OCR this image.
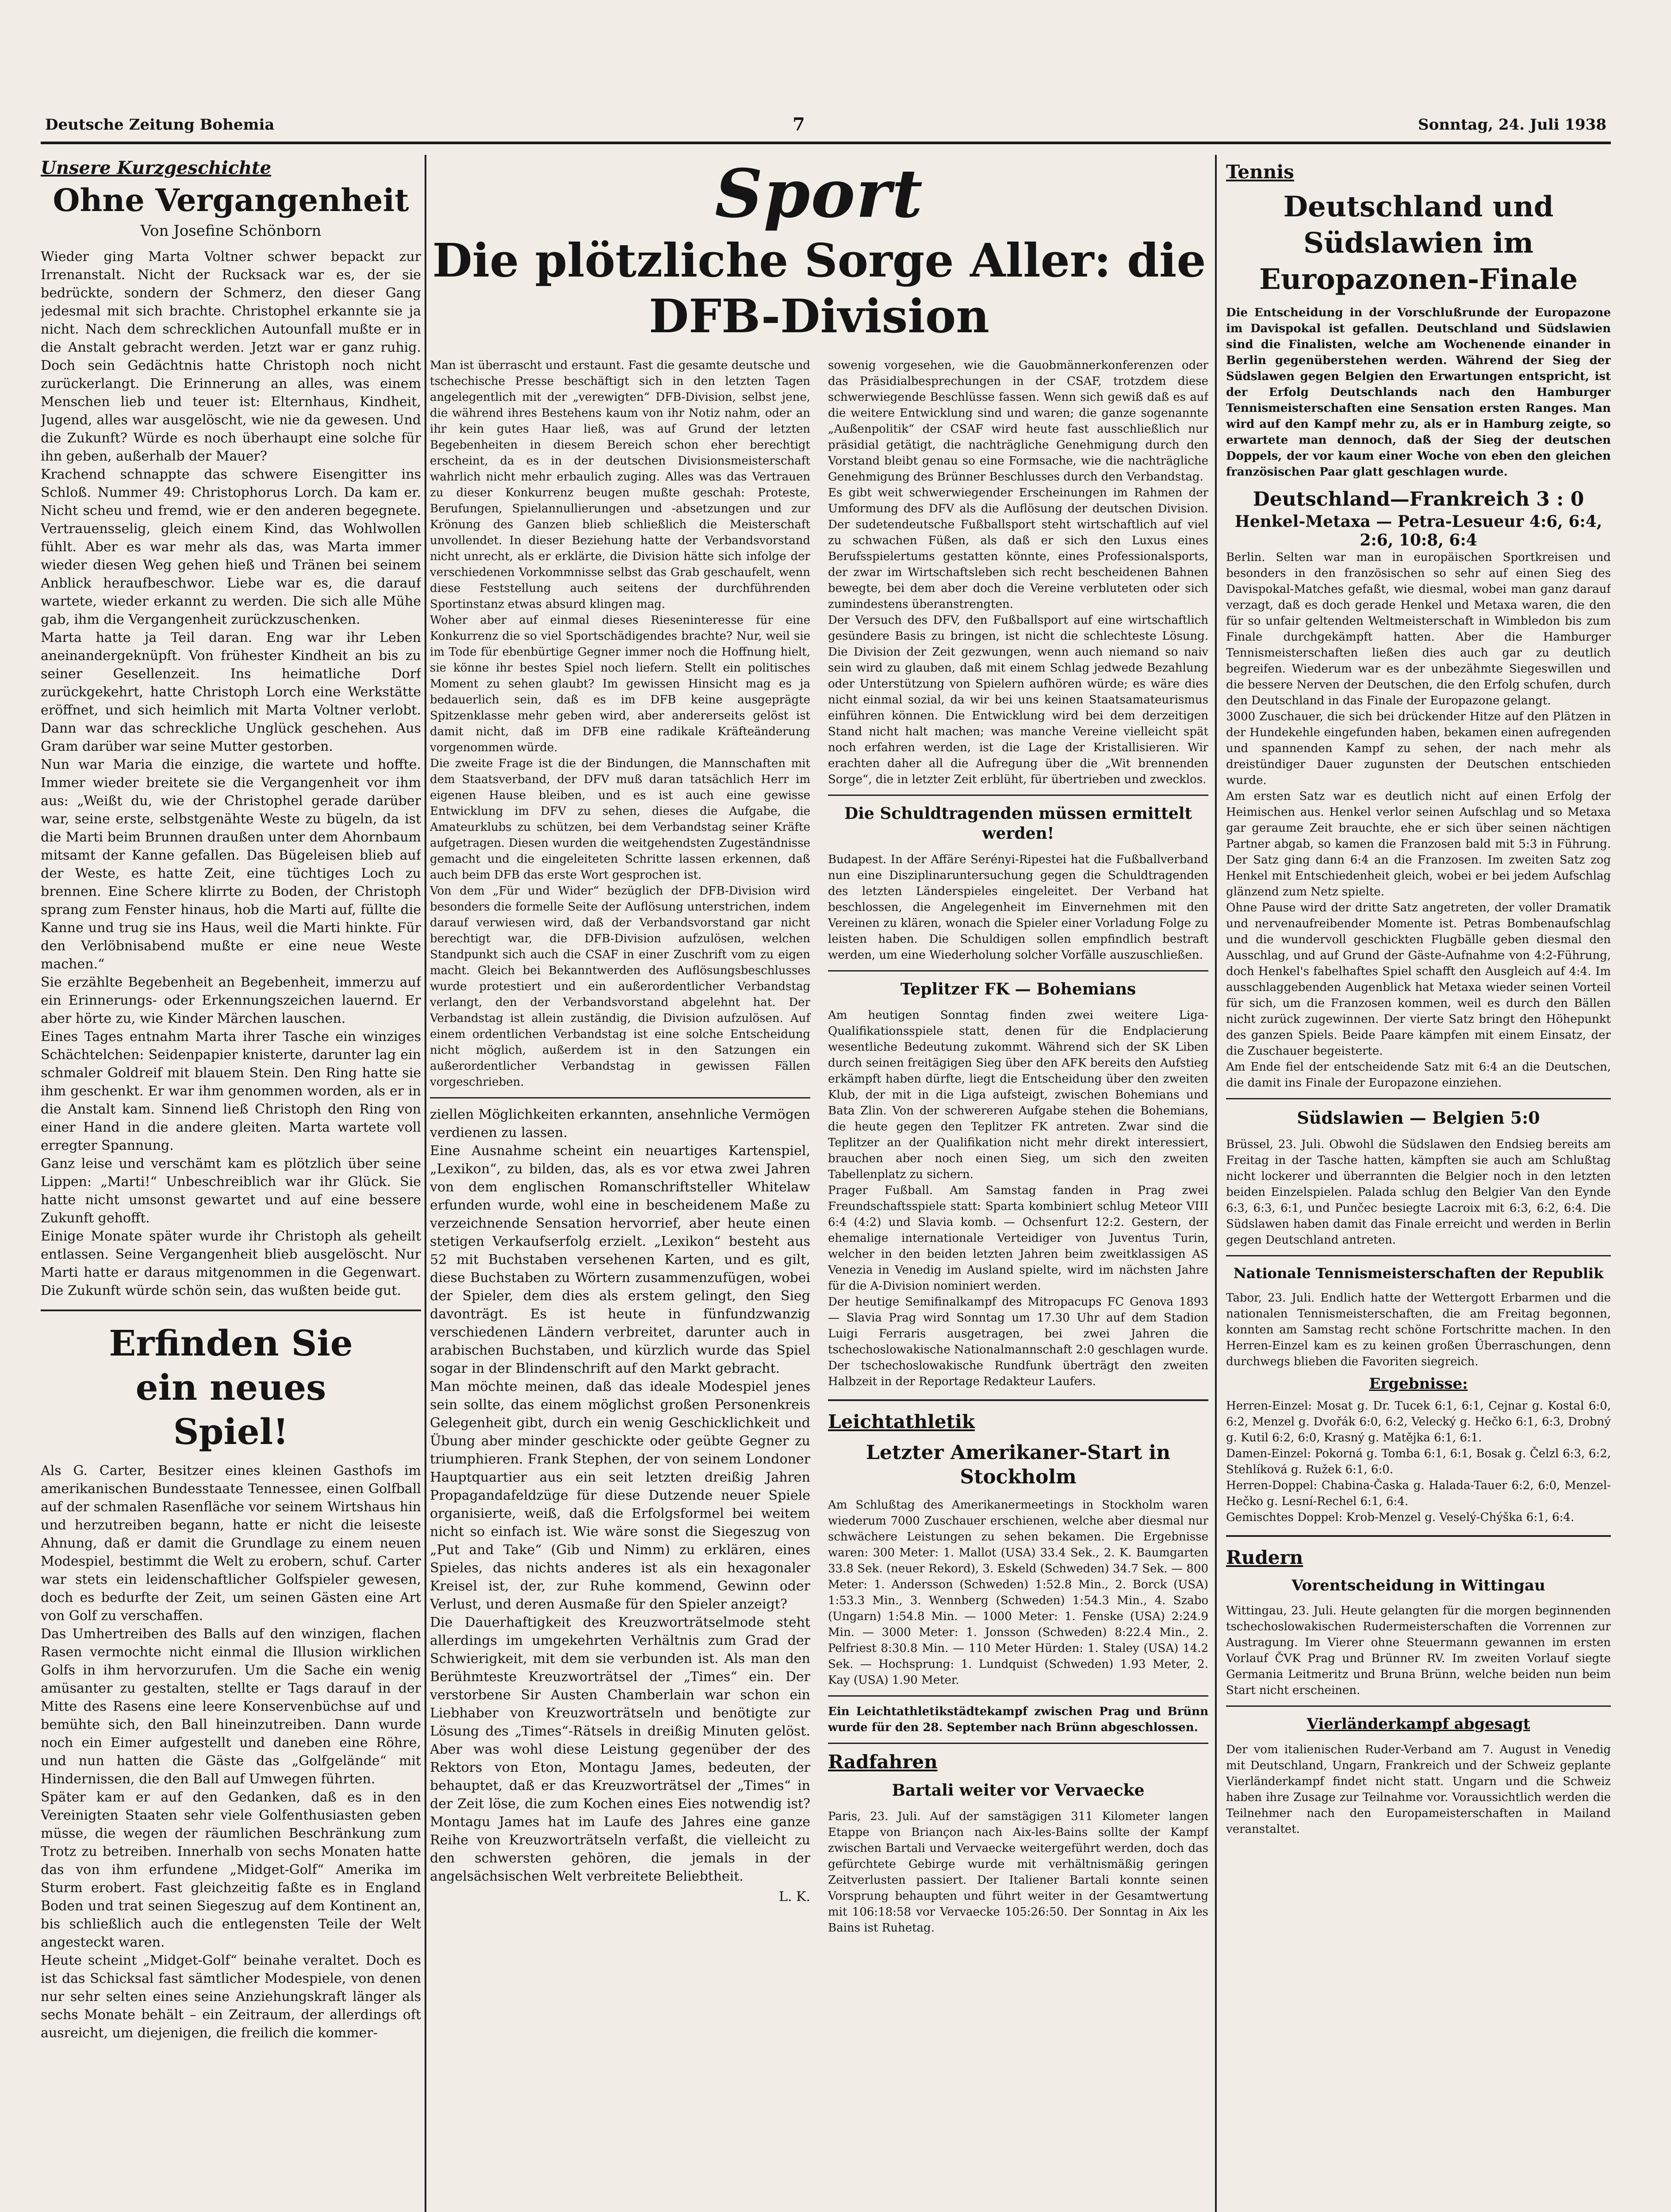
Deutsche Zeitung Bohemia	7	Sonntag, 24. Juli 1938
Unsere Kurzgeschichte
Ohne Vergangenheit
Von Josefine Schönborn

Wieder ging Marta Voltner schwer bepackt zur Irrenanstalt. Nicht der Rucksack war es, der sie bedrückte, sondern der Schmerz, den dieser Gang jedesmal mit sich brachte. Christophel erkannte sie ja nicht. Nach dem schrecklichen Autounfall mußte er in die Anstalt gebracht werden. Jetzt war er ganz ruhig. Doch sein Gedächtnis hatte Christoph noch nicht zurückerlangt. Die Erinnerung an alles, was einem Menschen lieb und teuer ist: Elternhaus, Kindheit, Jugend, alles war ausgelöscht, wie nie da gewesen. Und die Zukunft? Würde es noch überhaupt eine solche für ihn geben, außerhalb der Mauer?

Krachend schnappte das schwere Eisengitter ins Schloß. Nummer 49: Christophorus Lorch. Da kam er. Nicht scheu und fremd, wie er den anderen begegnete. Vertrauensselig, gleich einem Kind, das Wohlwollen fühlt. Aber es war mehr als das, was Marta immer wieder diesen Weg gehen hieß und Tränen bei seinem Anblick heraufbeschwor. Liebe war es, die darauf wartete, wieder erkannt zu werden. Die sich alle Mühe gab, ihm die Vergangenheit zurückzuschenken.

Marta hatte ja Teil daran. Eng war ihr Leben aneinandergeknüpft. Von frühester Kindheit an bis zu seiner Gesellenzeit. Ins heimatliche Dorf zurückgekehrt, hatte Christoph Lorch eine Werkstätte eröffnet, und sich heimlich mit Marta Voltner verlobt. Dann war das schreckliche Unglück geschehen. Aus Gram darüber war seine Mutter gestorben.

Nun war Maria die einzige, die wartete und hoffte. Immer wieder breitete sie die Vergangenheit vor ihm aus: „Weißt du, wie der Christophel gerade darüber war, seine erste, selbstgenähte Weste zu bügeln, da ist die Marti beim Brunnen draußen unter dem Ahornbaum mitsamt der Kanne gefallen. Das Bügeleisen blieb auf der Weste, es hatte Zeit, eine tüchtiges Loch zu brennen. Eine Schere klirrte zu Boden, der Christoph sprang zum Fenster hinaus, hob die Marti auf, füllte die Kanne und trug sie ins Haus, weil die Marti hinkte. Für den Verlöbnisabend mußte er eine neue Weste machen.“

Sie erzählte Begebenheit an Begebenheit, immerzu auf ein Erinnerungs- oder Erkennungszeichen lauernd. Er aber hörte zu, wie Kinder Märchen lauschen.

Eines Tages entnahm Marta ihrer Tasche ein winziges Schächtelchen: Seidenpapier knisterte, darunter lag ein schmaler Goldreif mit blauem Stein. Den Ring hatte sie ihm geschenkt. Er war ihm genommen worden, als er in die Anstalt kam. Sinnend ließ Christoph den Ring von einer Hand in die andere gleiten. Marta wartete voll erregter Spannung.

Ganz leise und verschämt kam es plötzlich über seine Lippen: „Marti!“ Unbeschreiblich war ihr Glück. Sie hatte nicht umsonst gewartet und auf eine bessere Zukunft gehofft.

Einige Monate später wurde ihr Christoph als geheilt entlassen. Seine Vergangenheit blieb ausgelöscht. Nur Marti hatte er daraus mitgenommen in die Gegenwart. Die Zukunft würde schön sein, das wußten beide gut.

Erfinden Sie ein neues Spiel!

Als G. Carter, Besitzer eines kleinen Gasthofs im amerikanischen Bundesstaate Tennessee, einen Golfball auf der schmalen Rasenfläche vor seinem Wirtshaus hin und herzutreiben begann, hatte er nicht die leiseste Ahnung, daß er damit die Grundlage zu einem neuen Modespiel, bestimmt die Welt zu erobern, schuf. Carter war stets ein leidenschaftlicher Golfspieler gewesen, doch es bedurfte der Zeit, um seinen Gästen eine Art von Golf zu verschaffen.

Das Umhertreiben des Balls auf den winzigen, flachen Rasen vermochte nicht einmal die Illusion wirklichen Golfs in ihm hervorzurufen. Um die Sache ein wenig amüsanter zu gestalten, stellte er Tags darauf in der Mitte des Rasens eine leere Konservenbüchse auf und bemühte sich, den Ball hineinzutreiben. Dann wurde noch ein Eimer aufgestellt und daneben eine Röhre, und nun hatten die Gäste das „Golfgelände“ mit Hindernissen, die den Ball auf Umwegen führten.

Später kam er auf den Gedanken, daß es in den Vereinigten Staaten sehr viele Golfenthusiasten geben müsse, die wegen der räumlichen Beschränkung zum Trotz zu betreiben. Innerhalb von sechs Monaten hatte das von ihm erfundene „Midget-Golf“ Amerika im Sturm erobert. Fast gleichzeitig faßte es in England Boden und trat seinen Siegeszug auf dem Kontinent an, bis schließlich auch die entlegensten Teile der Welt angesteckt waren.

Heute scheint „Midget-Golf“ beinahe veraltet. Doch es ist das Schicksal fast sämtlicher Modespiele, von denen nur sehr selten eines seine Anziehungskraft länger als sechs Monate behält – ein Zeitraum, der allerdings oft ausreicht, um diejenigen, die freilich die kommer-

Sport
Die plötzliche Sorge Aller: die DFB-Division

Man ist überrascht und erstaunt. Fast die gesamte deutsche und tschechische Presse beschäftigt sich in den letzten Tagen angelegentlich mit der „verewigten“ DFB-Division, selbst jene, die während ihres Bestehens kaum von ihr Notiz nahm, oder an ihr kein gutes Haar ließ, was auf Grund der letzten Begebenheiten in diesem Bereich schon eher berechtigt erscheint, da es in der deutschen Divisionsmeisterschaft wahrlich nicht mehr erbaulich zuging. Alles was das Vertrauen zu dieser Konkurrenz beugen mußte geschah: Proteste, Berufungen, Spielannullierungen und -absetzungen und zur Krönung des Ganzen blieb schließlich die Meisterschaft unvollendet. In dieser Beziehung hatte der Verbandsvorstand nicht unrecht, als er erklärte, die Division hätte sich infolge der verschiedenen Vorkommnisse selbst das Grab geschaufelt, wenn diese Feststellung auch seitens der durchführenden Sportinstanz etwas absurd klingen mag.

Woher aber auf einmal dieses Rieseninteresse für eine Konkurrenz die so viel Sportschädigendes brachte? Nur, weil sie im Tode für ebenbürtige Gegner immer noch die Hoffnung hielt, sie könne ihr bestes Spiel noch liefern. Stellt ein politisches Moment zu sehen glaubt? Im gewissen Hinsicht mag es ja bedauerlich sein, daß es im DFB keine ausgeprägte Spitzenklasse mehr geben wird, aber andererseits gelöst ist damit nicht, daß im DFB eine radikale Kräfteänderung vorgenommen würde.

Die zweite Frage ist die der Bindungen, die Mannschaften mit dem Staatsverband, der DFV muß daran tatsächlich Herr im eigenen Hause bleiben, und es ist auch eine gewisse Entwicklung im DFV zu sehen, dieses die Aufgabe, die Amateurklubs zu schützen, bei dem Verbandstag seiner Kräfte aufgetragen. Diesen wurden die weitgehendsten Zugeständnisse gemacht und die eingeleiteten Schritte lassen erkennen, daß auch beim DFB das erste Wort gesprochen ist.

Von dem „Für und Wider“ bezüglich der DFB-Division wird besonders die formelle Seite der Auflösung unterstrichen, indem darauf verwiesen wird, daß der Verbandsvorstand gar nicht berechtigt war, die DFB-Division aufzulösen, welchen Standpunkt sich auch die CSAF in einer Zuschrift vom zu eigen macht. Gleich bei Bekanntwerden des Auflösungsbeschlusses wurde protestiert und ein außerordentlicher Verbandstag verlangt, den der Verbandsvorstand abgelehnt hat. Der Verbandstag ist allein zuständig, die Division aufzulösen. Auf einem ordentlichen Verbandstag ist eine solche Entscheidung nicht möglich, außerdem ist in den Satzungen ein außerordentlicher Verbandstag in gewissen Fällen vorgeschrieben.

ziellen Möglichkeiten erkannten, ansehnliche Vermögen verdienen zu lassen.

Eine Ausnahme scheint ein neuartiges Kartenspiel, „Lexikon“, zu bilden, das, als es vor etwa zwei Jahren von dem englischen Romanschriftsteller Whitelaw erfunden wurde, wohl eine in bescheidenem Maße zu verzeichnende Sensation hervorrief, aber heute einen stetigen Verkaufserfolg erzielt. „Lexikon“ besteht aus 52 mit Buchstaben versehenen Karten, und es gilt, diese Buchstaben zu Wörtern zusammenzufügen, wobei der Spieler, dem dies als erstem gelingt, den Sieg davonträgt. Es ist heute in fünfundzwanzig verschiedenen Ländern verbreitet, darunter auch in arabischen Buchstaben, und kürzlich wurde das Spiel sogar in der Blindenschrift auf den Markt gebracht.

Man möchte meinen, daß das ideale Modespiel jenes sein sollte, das einem möglichst großen Personenkreis Gelegenheit gibt, durch ein wenig Geschicklichkeit und Übung aber minder geschickte oder geübte Gegner zu triumphieren. Frank Stephen, der von seinem Londoner Hauptquartier aus ein seit letzten dreißig Jahren Propagandafeldzüge für diese Dutzende neuer Spiele organisierte, weiß, daß die Erfolgsformel bei weitem nicht so einfach ist. Wie wäre sonst die Siegeszug von „Put and Take“ (Gib und Nimm) zu erklären, eines Spieles, das nichts anderes ist als ein hexagonaler Kreisel ist, der, zur Ruhe kommend, Gewinn oder Verlust, und deren Ausmaße für den Spieler anzeigt?

Die Dauerhaftigkeit des Kreuzworträtselmode steht allerdings im umgekehrten Verhältnis zum Grad der Schwierigkeit, mit dem sie verbunden ist. Als man den Berühmteste Kreuzworträtsel der „Times“ ein. Der verstorbene Sir Austen Chamberlain war schon ein Liebhaber von Kreuzworträtseln und benötigte zur Lösung des „Times“-Rätsels in dreißig Minuten gelöst. Aber was wohl diese Leistung gegenüber der des Rektors von Eton, Montagu James, bedeuten, der behauptet, daß er das Kreuzworträtsel der „Times“ in der Zeit löse, die zum Kochen eines Eies notwendig ist? Montagu James hat im Laufe des Jahres eine ganze Reihe von Kreuzworträtseln verfaßt, die vielleicht zu den schwersten gehören, die jemals in der angelsächsischen Welt verbreitete Beliebtheit.

L. K.

sowenig vorgesehen, wie die Gauobmännerkonferenzen oder das Präsidialbesprechungen in der CSAF, trotzdem diese schwerwiegende Beschlüsse fassen. Wenn sich gewiß daß es auf die weitere Entwicklung sind und waren; die ganze sogenannte „Außenpolitik“ der CSAF wird heute fast ausschließlich nur präsidial getätigt, die nachträgliche Genehmigung durch den Vorstand bleibt genau so eine Formsache, wie die nachträgliche Genehmigung des Brünner Beschlusses durch den Verbandstag.

Es gibt weit schwerwiegender Erscheinungen im Rahmen der Umformung des DFV als die Auflösung der deutschen Division. Der sudetendeutsche Fußballsport steht wirtschaftlich auf viel zu schwachen Füßen, als daß er sich den Luxus eines Berufsspielertums gestatten könnte, eines Professionalsports, der zwar im Wirtschaftsleben sich recht bescheidenen Bahnen bewegte, bei dem aber doch die Vereine verbluteten oder sich zumindestens überanstrengten.

Der Versuch des DFV, den Fußballsport auf eine wirtschaftlich gesündere Basis zu bringen, ist nicht die schlechteste Lösung. Die Division der Zeit gezwungen, wenn auch niemand so naiv sein wird zu glauben, daß mit einem Schlag jedwede Bezahlung oder Unterstützung von Spielern aufhören würde; es wäre dies nicht einmal sozial, da wir bei uns keinen Staatsamateurismus einführen können. Die Entwicklung wird bei dem derzeitigen Stand nicht halt machen; was manche Vereine vielleicht spät noch erfahren werden, ist die Lage der Kristallisieren. Wir erachten daher all die Aufregung über die „Wit brennenden Sorge“, die in letzter Zeit erblüht, für übertrieben und zwecklos.

Die Schuldtragenden müssen ermittelt werden!

Budapest. In der Affäre Serényi-Ripestei hat die Fußballverband nun eine Disziplinaruntersuchung gegen die Schuldtragenden des letzten Länderspieles eingeleitet. Der Verband hat beschlossen, die Angelegenheit im Einvernehmen mit den Vereinen zu klären, wonach die Spieler einer Vorladung Folge zu leisten haben. Die Schuldigen sollen empfindlich bestraft werden, um eine Wiederholung solcher Vorfälle auszuschließen.

Teplitzer FK — Bohemians

Am heutigen Sonntag finden zwei weitere Liga-Qualifikationsspiele statt, denen für die Endplacierung wesentliche Bedeutung zukommt. Während sich der SK Liben durch seinen freitägigen Sieg über den AFK bereits den Aufstieg erkämpft haben dürfte, liegt die Entscheidung über den zweiten Klub, der mit in die Liga aufsteigt, zwischen Bohemians und Bata Zlin. Von der schwereren Aufgabe stehen die Bohemians, die heute gegen den Teplitzer FK antreten. Zwar sind die Teplitzer an der Qualifikation nicht mehr direkt interessiert, brauchen aber noch einen Sieg, um sich den zweiten Tabellenplatz zu sichern.

Prager Fußball. Am Samstag fanden in Prag zwei Freundschaftsspiele statt: Sparta kombiniert schlug Meteor VIII 6:4 (4:2) und Slavia komb. — Ochsenfurt 12:2. Gestern, der ehemalige internationale Verteidiger von Juventus Turin, welcher in den beiden letzten Jahren beim zweitklassigen AS Venezia in Venedig im Ausland spielte, wird im nächsten Jahre für die A-Division nominiert werden.

Der heutige Semifinalkampf des Mitropacups FC Genova 1893 — Slavia Prag wird Sonntag um 17.30 Uhr auf dem Stadion Luigi Ferraris ausgetragen, bei zwei Jahren die tschechoslowakische Nationalmannschaft 2:0 geschlagen wurde. Der tschechoslowakische Rundfunk überträgt den zweiten Halbzeit in der Reportage Redakteur Laufers.

Leichtathletik
Letzter Amerikaner-Start in Stockholm

Am Schlußtag des Amerikanermeetings in Stockholm waren wiederum 7000 Zuschauer erschienen, welche aber diesmal nur schwächere Leistungen zu sehen bekamen. Die Ergebnisse waren: 300 Meter: 1. Mallot (USA) 33.4 Sek., 2. K. Baumgarten 33.8 Sek. (neuer Rekord), 3. Eskeld (Schweden) 34.7 Sek. — 800 Meter: 1. Andersson (Schweden) 1:52.8 Min., 2. Borck (USA) 1:53.3 Min., 3. Wennberg (Schweden) 1:54.3 Min., 4. Szabo (Ungarn) 1:54.8 Min. — 1000 Meter: 1. Fenske (USA) 2:24.9 Min. — 3000 Meter: 1. Jonsson (Schweden) 8:22.4 Min., 2. Pelfriest 8:30.8 Min. — 110 Meter Hürden: 1. Staley (USA) 14.2 Sek. — Hochsprung: 1. Lundquist (Schweden) 1.93 Meter, 2. Kay (USA) 1.90 Meter.

Ein Leichtathletikstädtekampf zwischen Prag und Brünn wurde für den 28. September nach Brünn abgeschlossen.

Radfahren
Bartali weiter vor Vervaecke

Paris, 23. Juli. Auf der samstägigen 311 Kilometer langen Etappe von Briançon nach Aix-les-Bains sollte der Kampf zwischen Bartali und Vervaecke weitergeführt werden, doch das gefürchtete Gebirge wurde mit verhältnismäßig geringen Zeitverlusten passiert. Der Italiener Bartali konnte seinen Vorsprung behaupten und führt weiter in der Gesamtwertung mit 106:18:58 vor Vervaecke 105:26:50. Der Sonntag in Aix les Bains ist Ruhetag.

Tennis
Deutschland und Südslawien im Europazonen-Finale

Die Entscheidung in der Vorschlußrunde der Europazone im Davispokal ist gefallen. Deutschland und Südslawien sind die Finalisten, welche am Wochenende einander in Berlin gegenüberstehen werden. Während der Sieg der Südslawen gegen Belgien den Erwartungen entspricht, ist der Erfolg Deutschlands nach den Hamburger Tennismeisterschaften eine Sensation ersten Ranges. Man wird auf den Kampf mehr zu, als er in Hamburg zeigte, so erwartete man dennoch, daß der Sieg der deutschen Doppels, der vor kaum einer Woche von eben den gleichen französischen Paar glatt geschlagen wurde.

Deutschland—Frankreich 3 : 0
Henkel-Metaxa — Petra-Lesueur 4:6, 6:4, 2:6, 10:8, 6:4

Berlin. Selten war man in europäischen Sportkreisen und besonders in den französischen so sehr auf einen Sieg des Davispokal-Matches gefaßt, wie diesmal, wobei man ganz darauf verzagt, daß es doch gerade Henkel und Metaxa waren, die den für so unfair geltenden Weltmeisterschaft in Wimbledon bis zum Finale durchgekämpft hatten. Aber die Hamburger Tennismeisterschaften ließen dies auch gar zu deutlich begreifen. Wiederum war es der unbezähmte Siegeswillen und die bessere Nerven der Deutschen, die den Erfolg schufen, durch den Deutschland in das Finale der Europazone gelangt.

3000 Zuschauer, die sich bei drückender Hitze auf den Plätzen in der Hundekehle eingefunden haben, bekamen einen aufregenden und spannenden Kampf zu sehen, der nach mehr als dreistündiger Dauer zugunsten der Deutschen entschieden wurde.

Am ersten Satz war es deutlich nicht auf einen Erfolg der Heimischen aus. Henkel verlor seinen Aufschlag und so Metaxa gar geraume Zeit brauchte, ehe er sich über seinen nächtigen Partner abgab, so kamen die Franzosen bald mit 5:3 in Führung. Der Satz ging dann 6:4 an die Franzosen. Im zweiten Satz zog Henkel mit Entschiedenheit gleich, wobei er bei jedem Aufschlag glänzend zum Netz spielte.

Ohne Pause wird der dritte Satz angetreten, der voller Dramatik und nervenaufreibender Momente ist. Petras Bombenaufschlag und die wundervoll geschickten Flugbälle geben diesmal den Ausschlag, und auf Grund der Gäste-Aufnahme von 4:2-Führung, doch Henkel's fabelhaftes Spiel schafft den Ausgleich auf 4:4. Im ausschlaggebenden Augenblick hat Metaxa wieder seinen Vorteil für sich, um die Franzosen kommen, weil es durch den Bällen nicht zurück zugewinnen. Der vierte Satz bringt den Höhepunkt des ganzen Spiels. Beide Paare kämpfen mit einem Einsatz, der die Zuschauer begeisterte.

Am Ende fiel der entscheidende Satz mit 6:4 an die Deutschen, die damit ins Finale der Europazone einziehen.

Südslawien — Belgien 5:0

Brüssel, 23. Juli. Obwohl die Südslawen den Endsieg bereits am Freitag in der Tasche hatten, kämpften sie auch am Schlußtag nicht lockerer und überrannten die Belgier noch in den letzten beiden Einzelspielen. Palada schlug den Belgier Van den Eynde 6:3, 6:3, 6:1, und Punčec besiegte Lacroix mit 6:3, 6:2, 6:4. Die Südslawen haben damit das Finale erreicht und werden in Berlin gegen Deutschland antreten.

Nationale Tennismeisterschaften der Republik

Tabor, 23. Juli. Endlich hatte der Wettergott Erbarmen und die nationalen Tennismeisterschaften, die am Freitag begonnen, konnten am Samstag recht schöne Fortschritte machen. In den Herren-Einzel kam es zu keinen großen Überraschungen, denn durchwegs blieben die Favoriten siegreich.

Ergebnisse:

Herren-Einzel: Mosat g. Dr. Tucek 6:1, 6:1, Cejnar g. Kostal 6:0, 6:2, Menzel g. Dvořák 6:0, 6:2, Velecký g. Hečko 6:1, 6:3, Drobný g. Kutil 6:2, 6:0, Krasný g. Matějka 6:1, 6:1.

Damen-Einzel: Pokorná g. Tomba 6:1, 6:1, Bosak g. Čelzl 6:3, 6:2, Stehlíková g. Ružek 6:1, 6:0.

Herren-Doppel: Chabina-Časka g. Halada-Tauer 6:2, 6:0, Menzel-Hečko g. Lesní-Rechel 6:1, 6:4.

Gemischtes Doppel: Krob-Menzel g. Veselý-Chýška 6:1, 6:4.

Rudern
Vorentscheidung in Wittingau

Wittingau, 23. Juli. Heute gelangten für die morgen beginnenden tschechoslowakischen Rudermeisterschaften die Vorrennen zur Austragung. Im Vierer ohne Steuermann gewannen im ersten Vorlauf ČVK Prag und Brünner RV. Im zweiten Vorlauf siegte Germania Leitmeritz und Bruna Brünn, welche beiden nun beim Start nicht erscheinen.

Vierländerkampf abgesagt

Der vom italienischen Ruder-Verband am 7. August in Venedig mit Deutschland, Ungarn, Frankreich und der Schweiz geplante Vierländerkampf findet nicht statt. Ungarn und die Schweiz haben ihre Zusage zur Teilnahme vor. Voraussichtlich werden die Teilnehmer nach den Europameisterschaften in Mailand veranstaltet.
